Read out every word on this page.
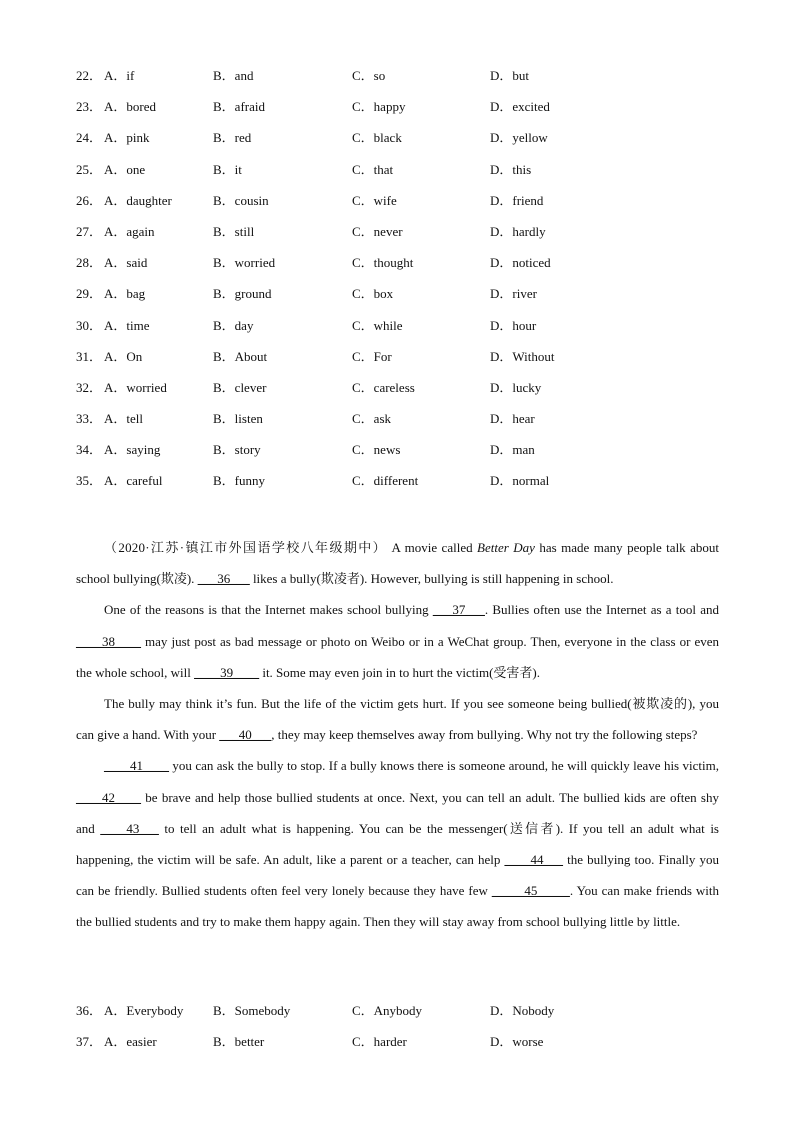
22． A．if	B．and	C．so	D．but
23． A．bored	B．afraid	C．happy	D．excited
24． A．pink	B．red	C．black	D．yellow
25． A．one	B．it	C．that	D．this
26． A．daughter	B．cousin	C．wife	D．friend
27． A．again	B．still	C．never	D．hardly
28． A．said	B．worried	C．thought	D．noticed
29． A．bag	B．ground	C．box	D．river
30． A．time	B．day	C．while	D．hour
31． A．On	B．About	C．For	D．Without
32． A．worried	B．clever	C．careless	D．lucky
33． A．tell	B．listen	C．ask	D．hear
34． A．saying	B．story	C．news	D．man
35． A．careful	B．funny	C．different	D．normal

（2020·江苏·镇江市外国语学校八年级期中） A movie called Better Day has made many people talk about school bullying(欺凌). ___36___ likes a bully(欺凌者). However, bullying is still happening in school.

One of the reasons is that the Internet makes school bullying ___37___. Bullies often use the Internet as a tool and ____38____ may just post as bad message or photo on Weibo or in a WeChat group. Then, everyone in the class or even the whole school, will ____39____ it. Some may even join in to hurt the victim(受害者).

The bully may think it’s fun. But the life of the victim gets hurt. If you see someone being bullied(被欺凌的), you can give a hand. With your ___40___, they may keep themselves away from bullying. Why not try the following steps?

____41____ you can ask the bully to stop. If a bully knows there is someone around, he will quickly leave his victim, ____42____ be brave and help those bullied students at once. Next, you can tell an adult. The bullied kids are often shy and ____43___ to tell an adult what is happening. You can be the messenger(送信者). If you tell an adult what is happening, the victim will be safe. An adult, like a parent or a teacher, can help ____44___ the bullying too. Finally you can be friendly. Bullied students often feel very lonely because they have few _____45_____. You can make friends with the bullied students and try to make them happy again. Then they will stay away from school bullying little by little.

36． A．Everybody B．Somebody	C．Anybody	D．Nobody
37． A．easier	B．better	C．harder	D．worse
